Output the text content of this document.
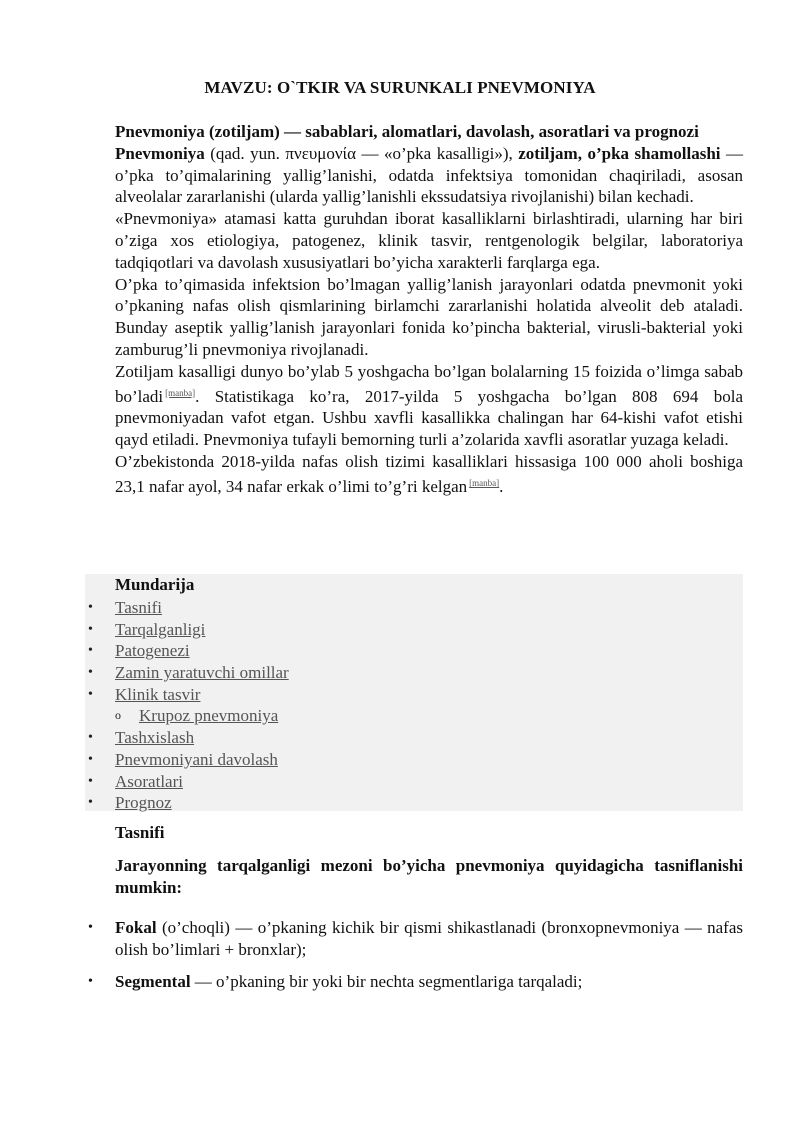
MAVZU: O`TKIR VA SURUNKALI PNEVMONIYA

Pnevmoniya (zotiljam) — sabablari, alomatlari, davolash, asoratlari va prognozi

Pnevmoniya (qad. yun. πνευμονία — «o’pka kasalligi»), zotiljam, o’pka shamollashi — o’pka to’qimalarining yallig’lanishi, odatda infektsiya tomonidan chaqiriladi, asosan alveolalar zararlanishi (ularda yallig’lanishli ekssudatsiya rivojlanishi) bilan kechadi.

«Pnevmoniya» atamasi katta guruhdan iborat kasalliklarni birlashtiradi, ularning har biri o’ziga xos etiologiya, patogenez, klinik tasvir, rentgenologik belgilar, laboratoriya tadqiqotlari va davolash xususiyatlari bo’yicha xarakterli farqlarga ega.

O’pka to’qimasida infektsion bo’lmagan yallig’lanish jarayonlari odatda pnevmonit yoki o’pkaning nafas olish qismlarining birlamchi zararlanishi holatida alveolit deb ataladi. Bunday aseptik yallig’lanish jarayonlari fonida ko’pincha bakterial, virusli-bakterial yoki zamburug’li pnevmoniya rivojlanadi.

Zotiljam kasalligi dunyo bo’ylab 5 yoshgacha bo’lgan bolalarning 15 foizida o’limga sabab bo’ladi [manba]. Statistikaga ko’ra, 2017-yilda 5 yoshgacha bo’lgan 808 694 bola pnevmoniyadan vafot etgan. Ushbu xavfli kasallikka chalingan har 64-kishi vafot etishi qayd etiladi. Pnevmoniya tufayli bemorning turli a’zolarida xavfli asoratlar yuzaga keladi.

O’zbekistonda 2018-yilda nafas olish tizimi kasalliklari hissasiga 100 000 aholi boshiga 23,1 nafar ayol, 34 nafar erkak o’limi to’g’ri kelgan [manba].

Mundarija
• Tasnifi
• Tarqalganligi
• Patogenezi
• Zamin yaratuvchi omillar
• Klinik tasvir
o Krupoz pnevmoniya
• Tashxislash
• Pnevmoniyani davolash
• Asoratlari
• Prognoz
Tasnifi
Jarayonning tarqalganligi mezoni bo’yicha pnevmoniya quyidagicha tasniflanishi mumkin:
• Fokal (o’choqli) — o’pkaning kichik bir qismi shikastlanadi (bronxopnevmoniya — nafas olish bo’limlari + bronxlar);
• Segmental — o’pkaning bir yoki bir nechta segmentlariga tarqaladi;
